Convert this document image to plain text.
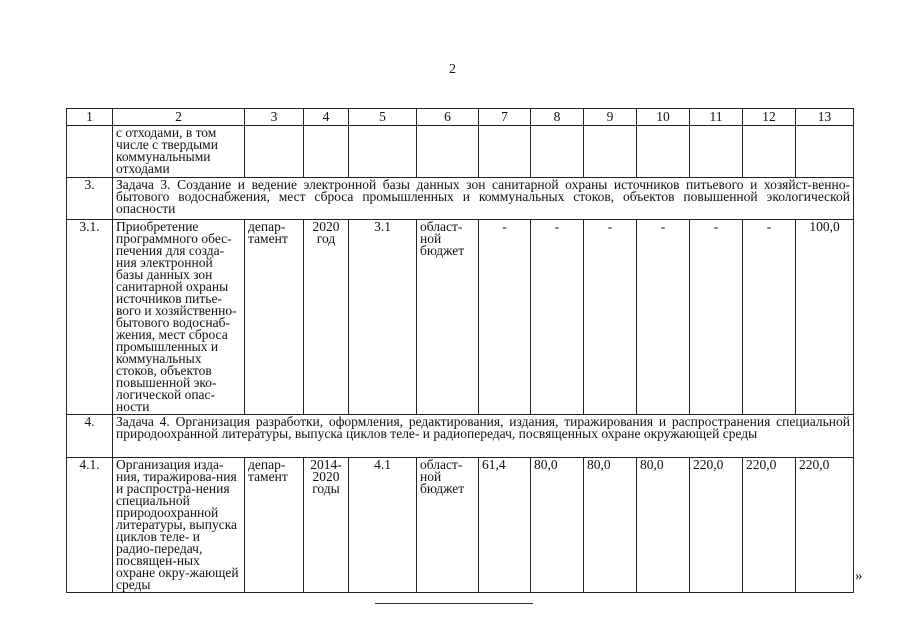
2
1	2	3	4	5	6	7	8	9	10	11	12	13
	с отходами, в том числе с твердыми коммунальными отходами											
3.	Задача 3. Создание и ведение электронной базы данных зон санитарной охраны источников питьевого и хозяйст-венно-бытового водоснабжения, мест сброса промышленных и коммунальных стоков, объектов повышенной экологической опасности											
3.1.	Приобретение программного обес-печения для созда-ния электронной базы данных зон санитарной охраны источников питье-вого и хозяйственно-бытового водоснаб-жения, мест сброса промышленных и коммунальных стоков, объектов повышенной эко-логической опас-ности	депар-тамент	2020 год	3.1	област-ной бюджет	-	-	-	-	-	-	100,0
4.	Задача 4. Организация разработки, оформления, редактирования, издания, тиражирования и распространения специальной природоохранной литературы, выпуска циклов теле- и радиопередач, посвященных охране окружающей среды											
4.1.	Организация изда-ния, тиражирова-ния и распростра-нения специальной природоохранной литературы, выпуска циклов теле- и радио-передач, посвящен-ных охране окру-жающей среды	депар-тамент	2014-2020 годы	4.1	област-ной бюджет	61,4	80,0	80,0	80,0	220,0	220,0	220,0
»
